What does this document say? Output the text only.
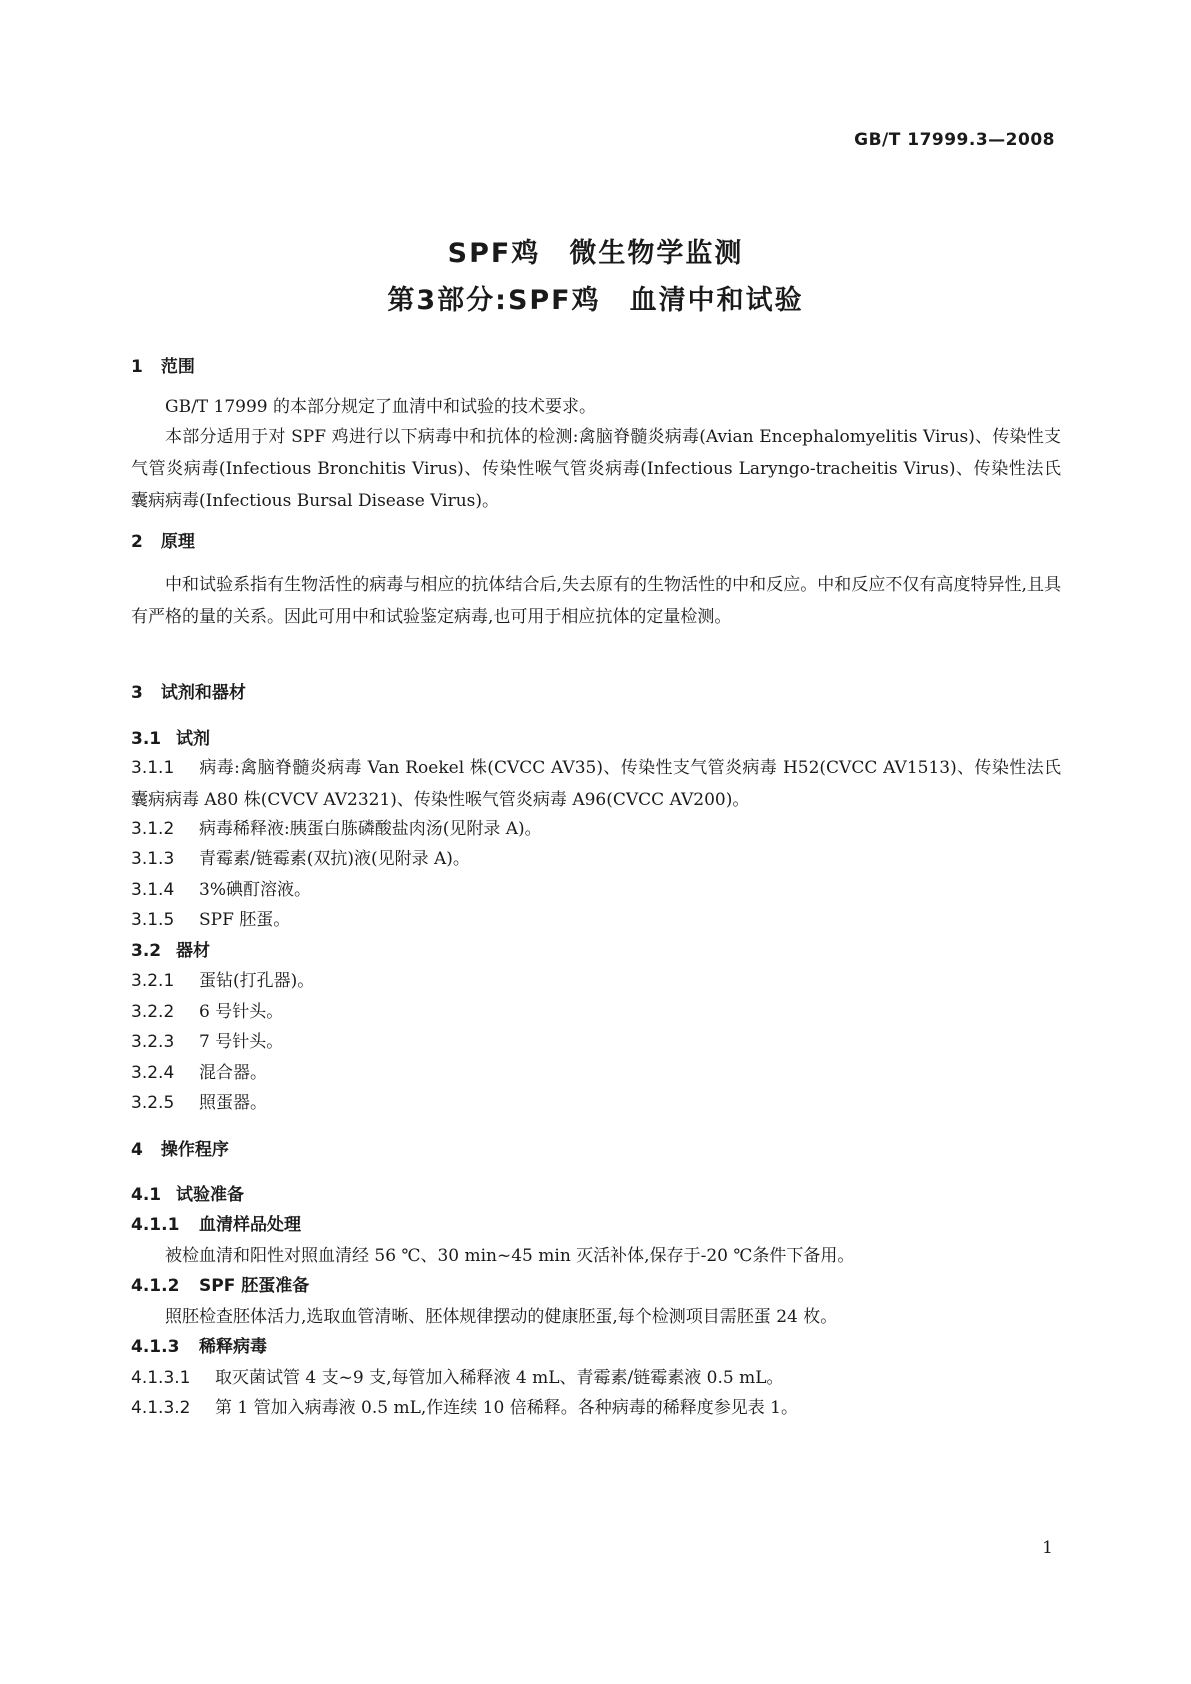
GB/T 17999.3—2008
SPF鸡　微生物学监测
第3部分:SPF鸡　血清中和试验
1 范围
GB/T 17999 的本部分规定了血清中和试验的技术要求。
本部分适用于对 SPF 鸡进行以下病毒中和抗体的检测:禽脑脊髓炎病毒(Avian Encephalomyelitis Virus)、传染性支气管炎病毒(Infectious Bronchitis Virus)、传染性喉气管炎病毒(Infectious Laryngo-tracheitis Virus)、传染性法氏囊病病毒(Infectious Bursal Disease Virus)。
2 原理
中和试验系指有生物活性的病毒与相应的抗体结合后,失去原有的生物活性的中和反应。中和反应不仅有高度特异性,且具有严格的量的关系。因此可用中和试验鉴定病毒,也可用于相应抗体的定量检测。
3 试剂和器材
3.1 试剂
3.1.1 病毒:禽脑脊髓炎病毒 Van Roekel 株(CVCC AV35)、传染性支气管炎病毒 H52(CVCC AV1513)、传染性法氏囊病病毒 A80 株(CVCV AV2321)、传染性喉气管炎病毒 A96(CVCC AV200)。
3.1.2 病毒稀释液:胰蛋白胨磷酸盐肉汤(见附录 A)。
3.1.3 青霉素/链霉素(双抗)液(见附录 A)。
3.1.4 3%碘酊溶液。
3.1.5 SPF 胚蛋。
3.2 器材
3.2.1 蛋钻(打孔器)。
3.2.2 6 号针头。
3.2.3 7 号针头。
3.2.4 混合器。
3.2.5 照蛋器。
4 操作程序
4.1 试验准备
4.1.1 血清样品处理
被检血清和阳性对照血清经 56 ℃、30 min~45 min 灭活补体,保存于-20 ℃条件下备用。
4.1.2 SPF 胚蛋准备
照胚检查胚体活力,选取血管清晰、胚体规律摆动的健康胚蛋,每个检测项目需胚蛋 24 枚。
4.1.3 稀释病毒
4.1.3.1 取灭菌试管 4 支~9 支,每管加入稀释液 4 mL、青霉素/链霉素液 0.5 mL。
4.1.3.2 第 1 管加入病毒液 0.5 mL,作连续 10 倍稀释。各种病毒的稀释度参见表 1。
1
